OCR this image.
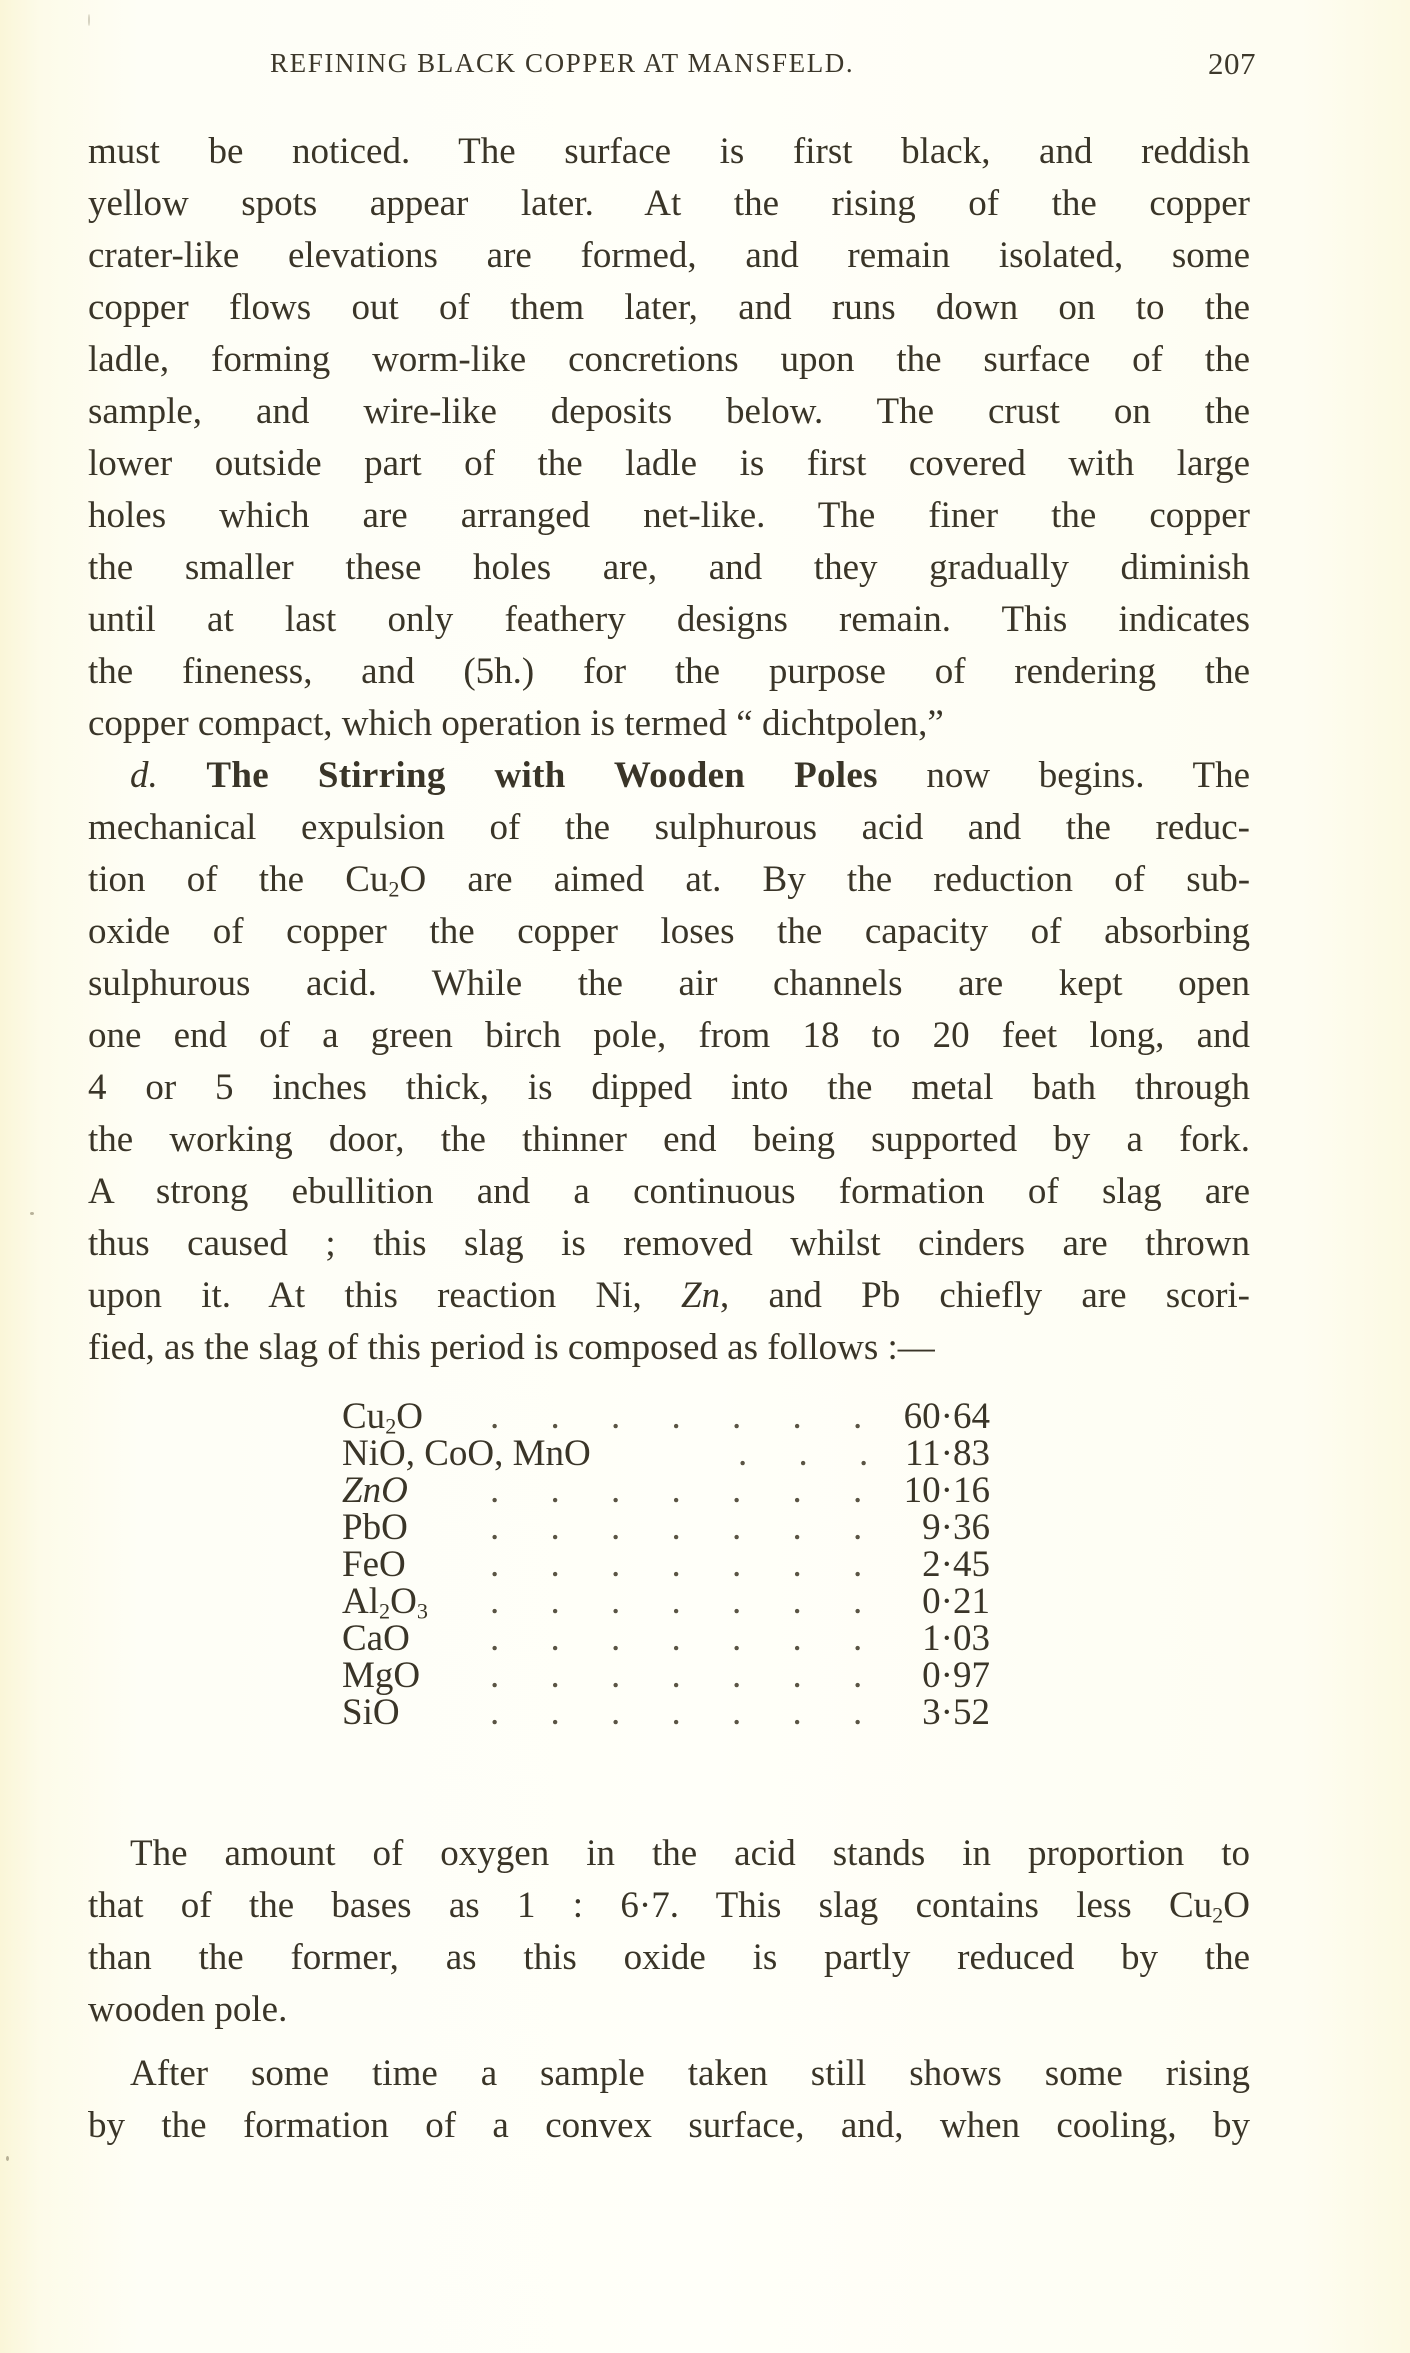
REFINING BLACK COPPER AT MANSFELD.	207
must be noticed. The surface is first black, and reddish
yellow spots appear later. At the rising of the copper
crater-like elevations are formed, and remain isolated, some
copper flows out of them later, and runs down on to the
ladle, forming worm-like concretions upon the surface of the
sample, and wire-like deposits below. The crust on the
lower outside part of the ladle is first covered with large
holes which are arranged net-like. The finer the copper
the smaller these holes are, and they gradually diminish
until at last only feathery designs remain. This indicates
the fineness, and (5h.) for the purpose of rendering the
copper compact, which operation is termed “ dichtpolen,”
d. The Stirring with Wooden Poles now begins. The
mechanical expulsion of the sulphurous acid and the reduc-
tion of the $Cu_2O$ are aimed at. By the reduction of sub-
oxide of copper the copper loses the capacity of absorbing
sulphurous acid. While the air channels are kept open
one end of a green birch pole, from 18 to 20 feet long, and
4 or 5 inches thick, is dipped into the metal bath through
the working door, the thinner end being supported by a fork.
A strong ebullition and a continuous formation of slag are
thus caused ; this slag is removed whilst cinders are thrown
upon it. At this reaction Ni, Zn, and Pb chiefly are scori-
fied, as the slag of this period is composed as follows :—
$Cu_2O$ . . . . . . . 60·64
NiO, CoO, MnO	. . . 11·83
ZnO . . . . . . . 10·16
PbO . . . . . . . 9·36
FeO . . . . . . . 2·45
$Al_2O_3$ . . . . . . . 0·21
CaO . . . . . . . 1·03
MgO . . . . . . . 0·97
SiO . . . . . . . 3·52
The amount of oxygen in the acid stands in proportion to
that of the bases as 1 : 6·7. This slag contains less $Cu_2O$
than the former, as this oxide is partly reduced by the
wooden pole.
After some time a sample taken still shows some rising
by the formation of a convex surface, and, when cooling, by
